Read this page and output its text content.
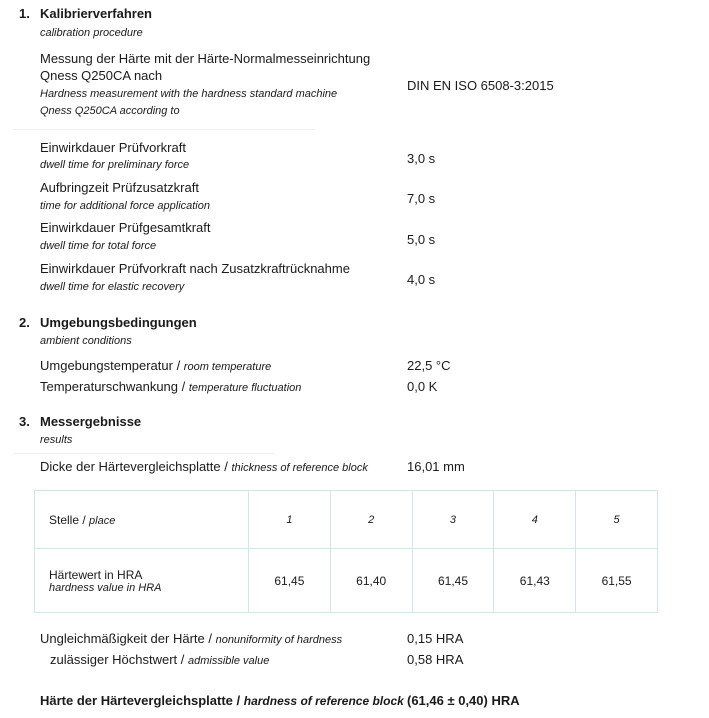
1. Kalibrierverfahren
calibration procedure
Messung der Härte mit der Härte-Normalmesseinrichtung
Qness Q250CA nach
Hardness measurement with the hardness standard machine
Qness Q250CA according to
DIN EN ISO 6508-3:2015
Einwirkdauer Prüfvorkraft
dwell time for preliminary force	3,0 s
Aufbringzeit Prüfzusatzkraft
time for additional force application	7,0 s
Einwirkdauer Prüfgesamtkraft
dwell time for total force	5,0 s
Einwirkdauer Prüfvorkraft nach Zusatzkraftrücknahme
dwell time for elastic recovery	4,0 s
2. Umgebungsbedingungen
ambient conditions
Umgebungstemperatur / room temperature	22,5 °C
Temperaturschwankung / temperature fluctuation	0,0 K
3. Messergebnisse
results
Dicke der Härtevergleichsplatte / thickness of reference block	16,01 mm
Stelle / place	1	2	3	4	5

Härtewert in HRA
hardness value in HRA	61,45	61,40	61,45	61,43	61,55
Ungleichmäßigkeit der Härte / nonuniformity of hardness	0,15 HRA
zulässiger Höchstwert / admissible value	0,58 HRA
Härte der Härtevergleichsplatte / hardness of reference block (61,46 ± 0,40) HRA
